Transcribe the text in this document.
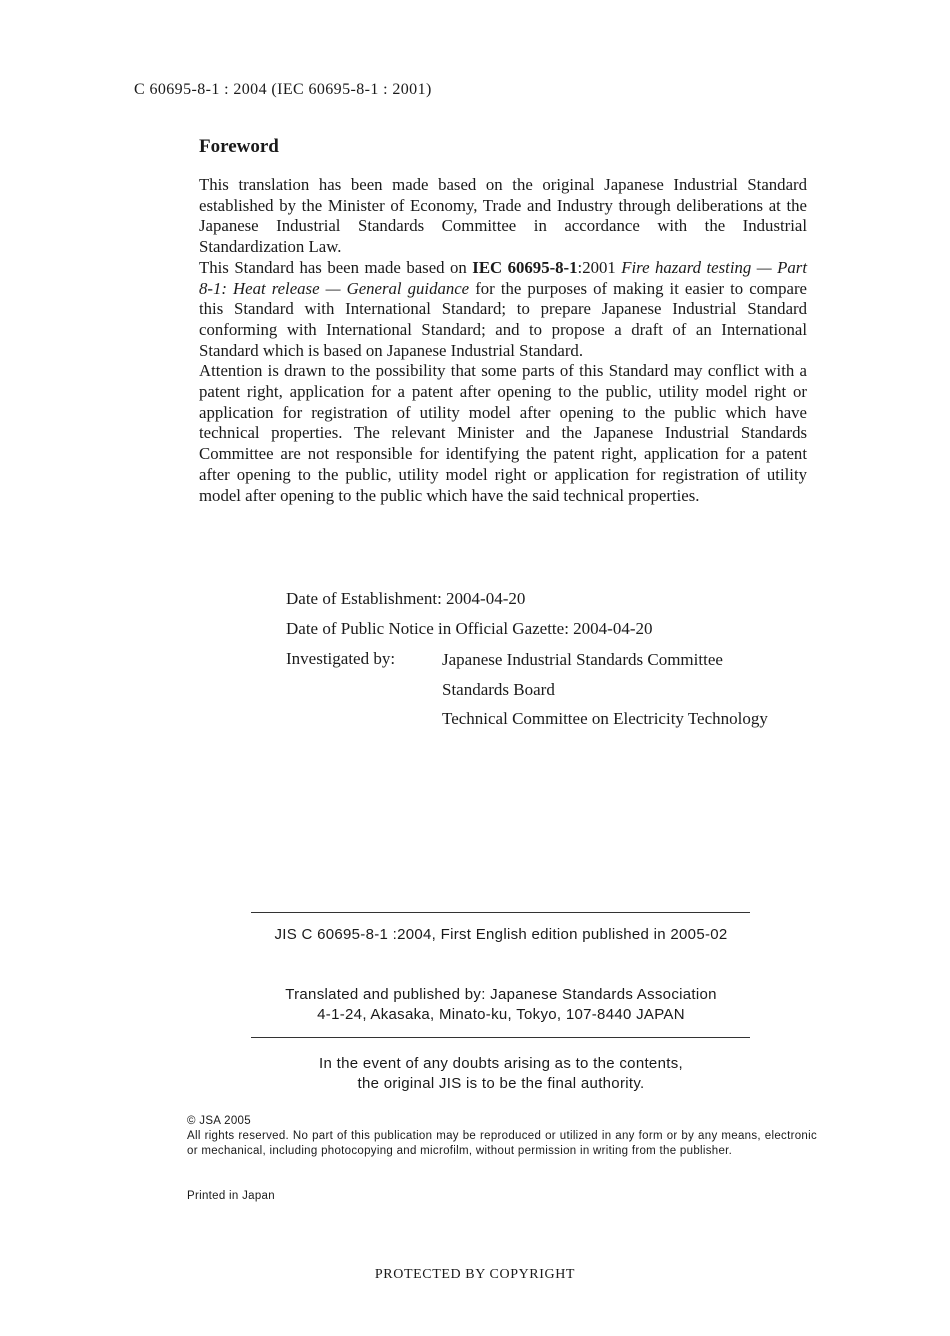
C 60695-8-1 : 2004 (IEC 60695-8-1 : 2001)
Foreword

This translation has been made based on the original Japanese Industrial Standard established by the Minister of Economy, Trade and Industry through deliberations at the Japanese Industrial Standards Committee in accordance with the Industrial Standardization Law.

This Standard has been made based on IEC 60695-8-1:2001 Fire hazard testing — Part 8-1: Heat release — General guidance for the purposes of making it easier to compare this Standard with International Standard; to prepare Japanese Industrial Standard conforming with International Standard; and to propose a draft of an International Standard which is based on Japanese Industrial Standard.

Attention is drawn to the possibility that some parts of this Standard may conflict with a patent right, application for a patent after opening to the public, utility model right or application for registration of utility model after opening to the public which have technical properties. The relevant Minister and the Japanese Industrial Standards Committee are not responsible for identifying the patent right, application for a patent after opening to the public, utility model right or application for registration of utility model after opening to the public which have the said technical properties.

Date of Establishment: 2004-04-20
Date of Public Notice in Official Gazette: 2004-04-20
Investigated by:	Japanese Industrial Standards Committee
Standards Board
Technical Committee on Electricity Technology
JIS C 60695-8-1 :2004, First English edition published in 2005-02
Translated and published by: Japanese Standards Association
4-1-24, Akasaka, Minato-ku, Tokyo, 107-8440 JAPAN
In the event of any doubts arising as to the contents,
the original JIS is to be the final authority.
© JSA 2005
All rights reserved. No part of this publication may be reproduced or utilized in any form or by any means, electronic or mechanical, including photocopying and microfilm, without permission in writing from the publisher.
Printed in Japan
PROTECTED BY COPYRIGHT
